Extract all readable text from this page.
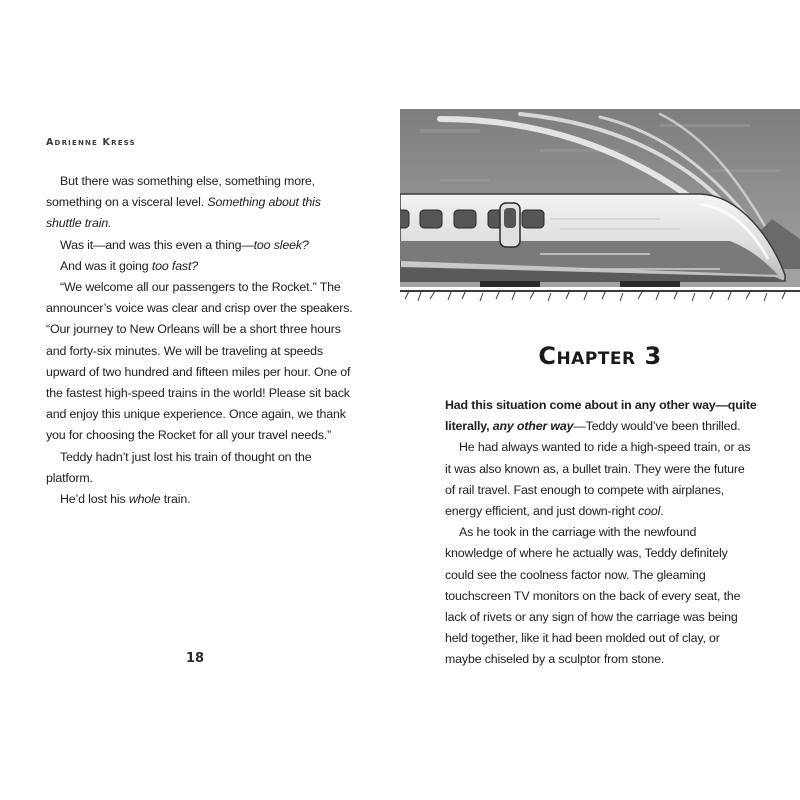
Adrienne Kress

But there was something else, something more, something on a visceral level. Something about this shuttle train.

Was it—and was this even a thing—too sleek?

And was it going too fast?

“We welcome all our passengers to the Rocket.” The announcer’s voice was clear and crisp over the speakers. “Our journey to New Orleans will be a short three hours and forty-six minutes. We will be traveling at speeds upward of two hundred and fifteen miles per hour. One of the fastest high-speed trains in the world! Please sit back and enjoy this unique experience. Once again, we thank you for choosing the Rocket for all your travel needs.”

Teddy hadn’t just lost his train of thought on the platform.

He’d lost his whole train.

18
Chapter 3

Had this situation come about in any other way—quite literally, any other way—Teddy would’ve been thrilled.

He had always wanted to ride a high-speed train, or as it was also known as, a bullet train. They were the future of rail travel. Fast enough to compete with airplanes, energy efficient, and just down-right cool.

As he took in the carriage with the newfound knowledge of where he actually was, Teddy definitely could see the coolness factor now. The gleaming touchscreen TV monitors on the back of every seat, the lack of rivets or any sign of how the carriage was being held together, like it had been molded out of clay, or maybe chiseled by a sculptor from stone.
